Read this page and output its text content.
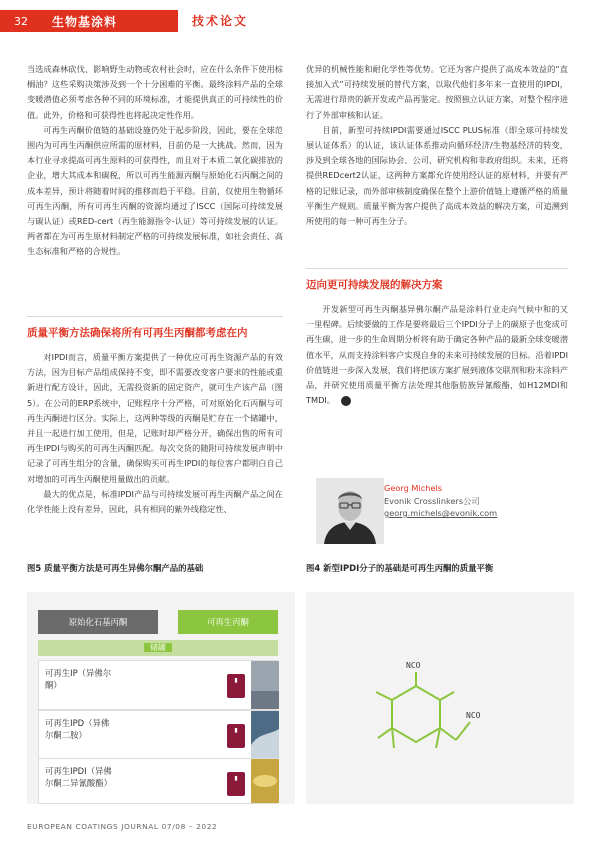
32	生物基涂料	技术论文

当选成森林砍伐、影响野生动物或农村社会时，应在什么条件下使用棕榈油？这些采购决策涉及到一个十分困难的平衡。最终涂料产品的全球变暖潜值必须考虑各种不同的环境标准，才能提供真正的可持续性的价值。此外，价格和可获得性也将起决定性作用。

可再生丙酮价值链的基础设施仍处于起步阶段，因此，要在全球范围内为可再生丙酮供应所需的原材料，目前仍是一大挑战。然而，因为本行业寻求提高可再生原料的可获得性，而且对于本质二氧化碳排放的企业，增大其成本和碳税，所以可再生能源丙酮与原始化石丙酮之间的成本差异，预计将随着时间的推移而趋于平稳。目前，仅使用生物循环可再生丙酮，所有可再生丙酮的资源均通过了ISCC（国际可持续发展与碳认证）或RED-cert（再生能源指令-认证）等可持续发展的认证。两者都在为可再生原材料制定严格的可持续发展标准，如社会责任、高生态标准和严格的合规性。

质量平衡方法确保将所有可再生丙酮都考虑在内

对IPDI而言，质量平衡方案提供了一种优应可再生资源产品的有效方法，因为目标产品组成保持不变，即不需要改变客户要求的性能或重新进行配方设计，因此，无需投资新的固定资产，就可生产该产品（图5）。在公司的ERP系统中，记账程序十分严格，可对原始化石丙酮与可再生丙酮进行区分。实际上，这两种等级的丙酮是贮存在一个储罐中，并且一起进行加工使用，但是，记账时却严格分开，确保出售的所有可再生IPDI与购买的可再生丙酮匹配。每次交货的随附可持续发展声明中记录了可再生组分的含量，确保购买可再生IPDI的每位客户都明白自己对增加的可再生丙酮使用量做出的贡献。

最大的优点是，标准IPDI产品与可持续发展可再生丙酮产品之间在化学性能上没有差异，因此，具有相同的紫外线稳定性、

优异的机械性能和耐化学性等优势。它还为客户提供了高成本效益的“直接加入式”可持续发展的替代方案，以取代他们多年来一直使用的IPDI，无需进行昂贵的新开发或产品再鉴定。按照独立认证方案，对整个程序进行了外部审核和认证。

目前，新型可持续IPDI需要通过ISCC PLUS标准（即全球可持续发展认证体系）的认证，该认证体系推动向循环经济/生物基经济的转变，涉及到全球各地的国际协会、公司、研究机构和非政府组织。未来，还将提供REDcert2认证，这两种方案都允许使用经认证的原材料，并要有严格的记账记录，而外部审核制度确保在整个上游价值链上遵循严格的质量平衡生产规则。质量平衡为客户提供了高成本效益的解决方案，可追溯到所使用的每一种可再生分子。

迈向更可持续发展的解决方案

开发新型可再生丙酮基异佛尔酮产品是涂料行业走向气候中和的又一里程碑。后续要做的工作是要将最后三个IPDI分子上的碳原子也变成可再生碳，进一步的生命周期分析将有助于确定各种产品的最新全球变暖潜值水平，从而支持涂料客户实现自身的未来可持续发展的目标。沿着IPDI价值链进一步深入发展，我们将把该方案扩展到液体交联剂和粉末涂料产品，并研究使用质量平衡方法处理其他脂肪族异氰酸酯，如H12MDI和TMDI。	◀

Georg Michels
Evonik Crosslinkers公司
georg.michels@evonik.com
图5 质量平衡方法是可再生异佛尔酮产品的基础	图4 新型IPDI分子的基础是可再生丙酮的质量平衡
原始化石基丙酮	可再生丙酮
储罐
可再生IP（异佛尔酮）	▮
可再生IPD（异佛尔酮二胺）	▮
可再生IPDI（异佛尔酮二异氰酸酯）	▮
NCO
NCO
EUROPEAN COATINGS JOURNAL 07/08 – 2022
